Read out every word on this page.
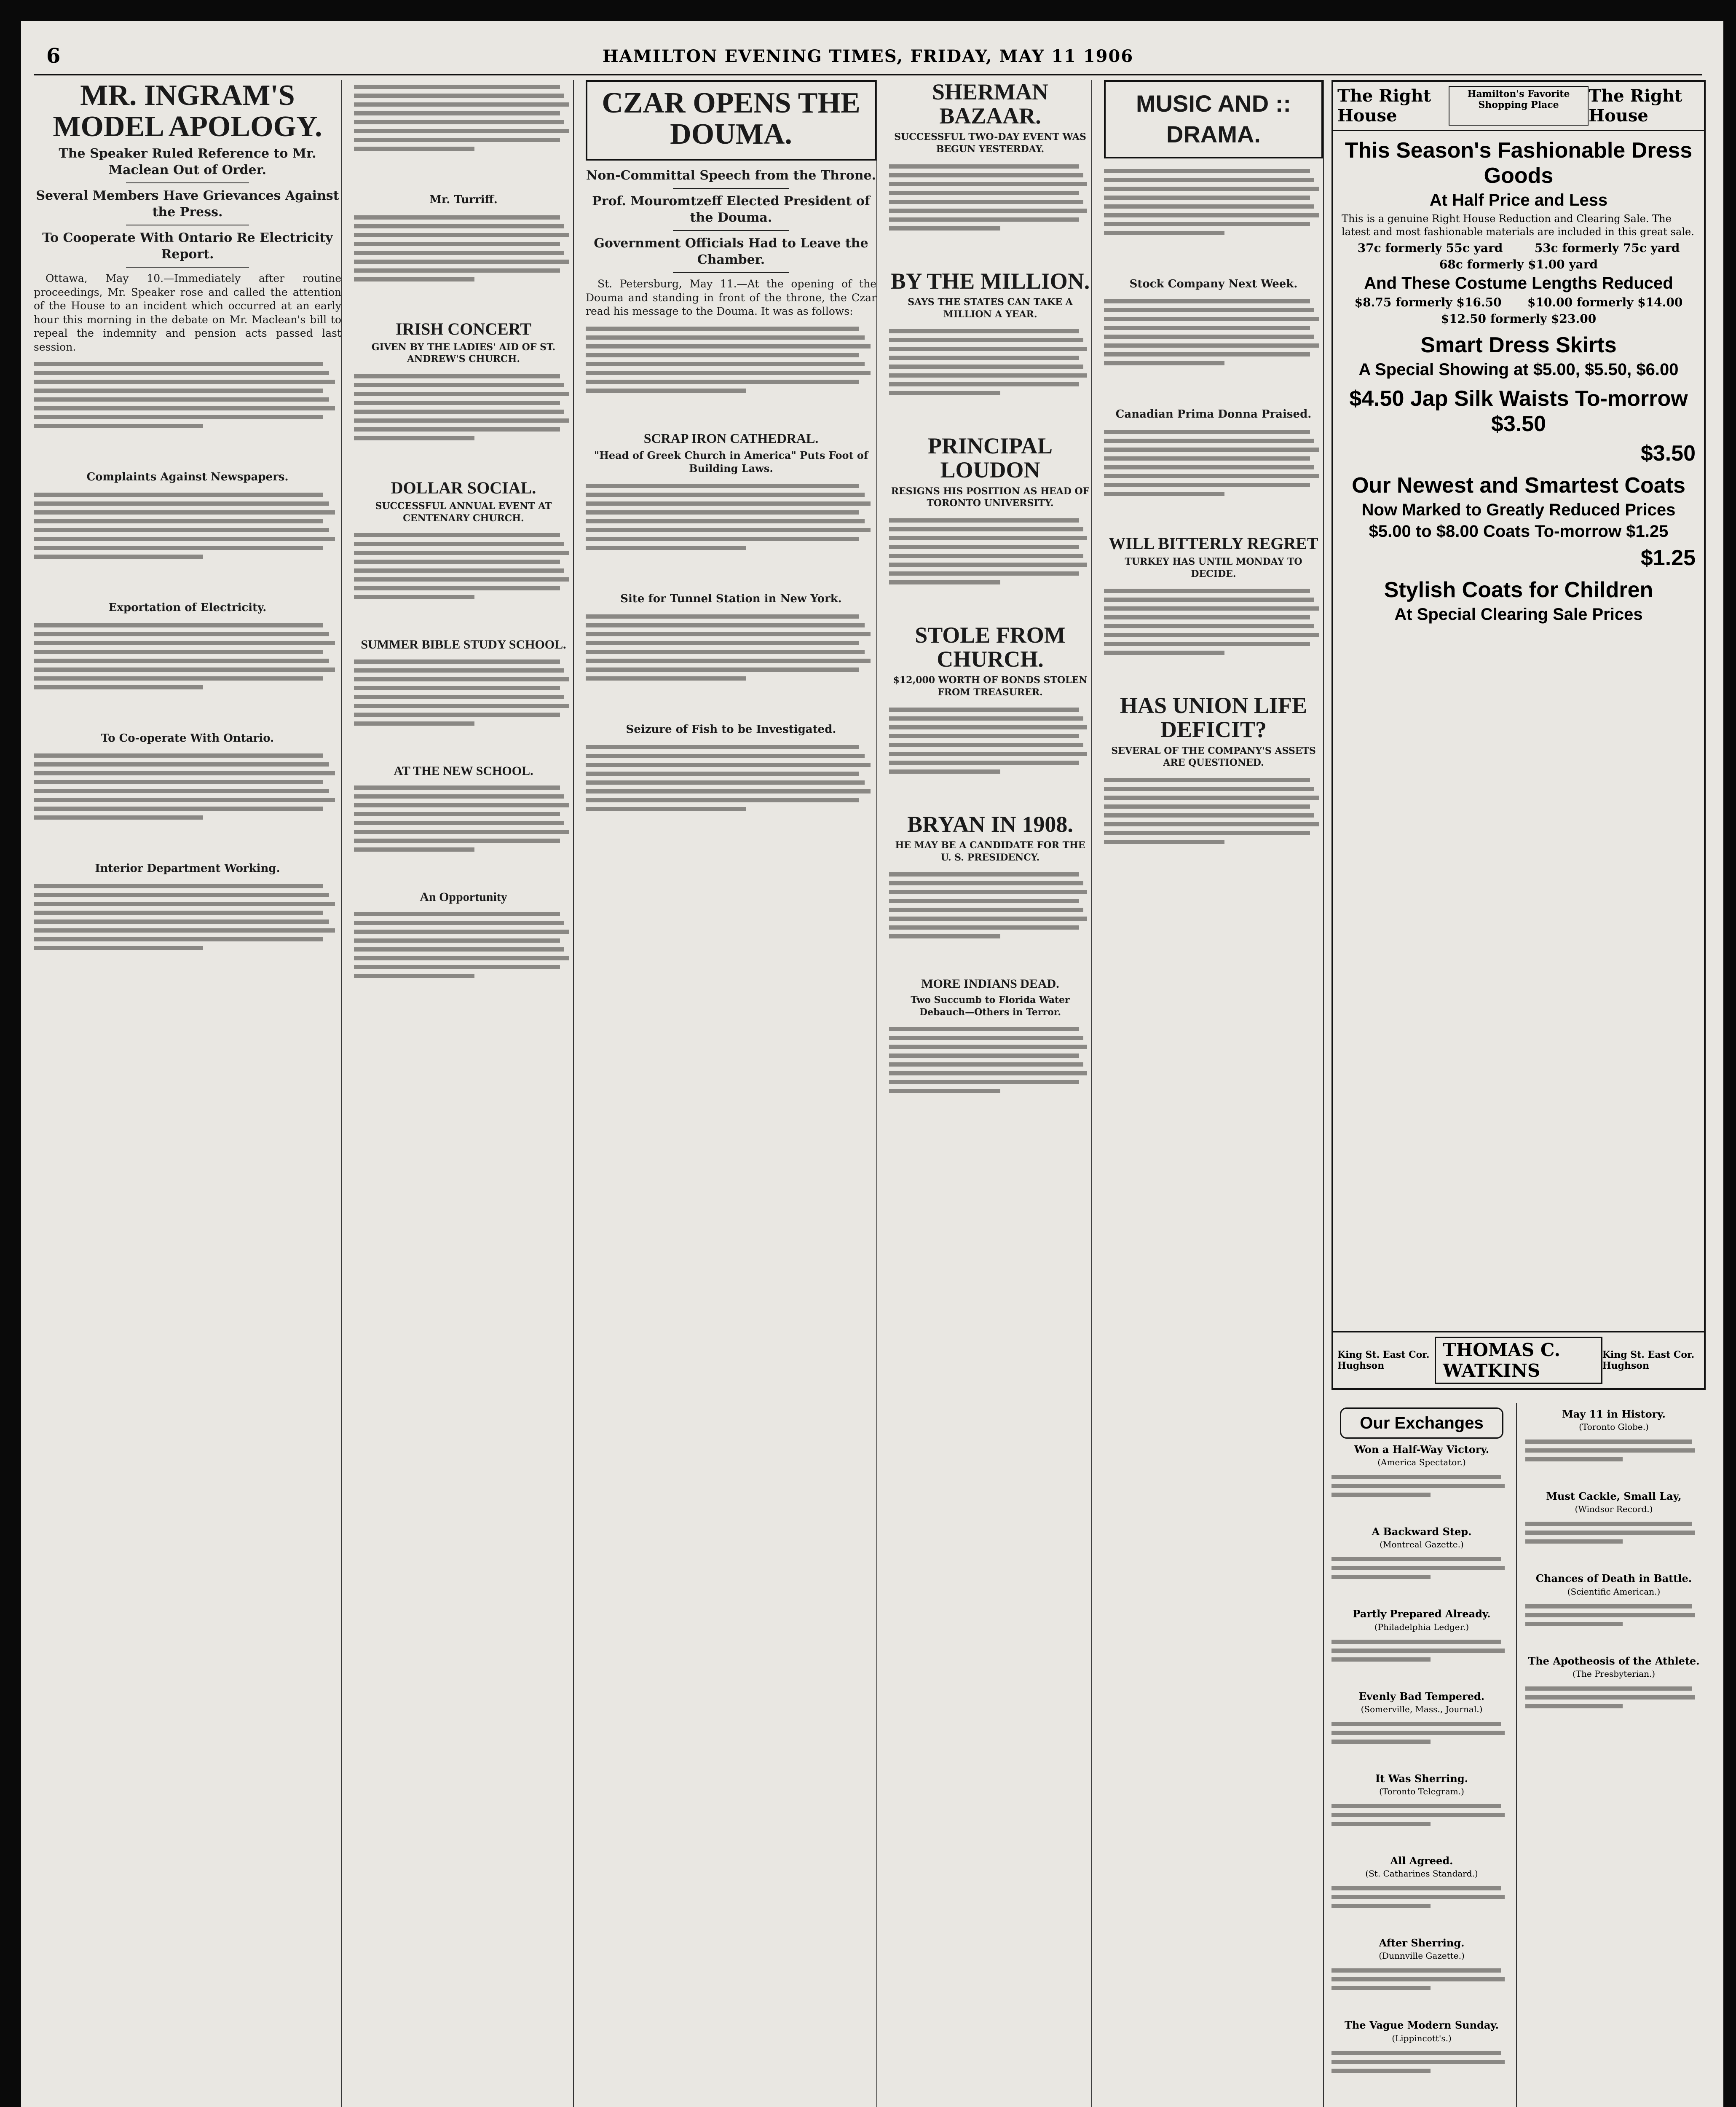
6	HAMILTON EVENING TIMES, FRIDAY, MAY 11 1906
MR. INGRAM'S MODEL APOLOGY.
The Speaker Ruled Reference to Mr. Maclean Out of Order.
Several Members Have Grievances Against the Press.
To Cooperate With Ontario Re Electricity Report.

Ottawa, May 10.—Immediately after routine proceedings, Mr. Speaker rose and called the attention of the House to an incident which occurred at an early hour this morning in the debate on Mr. Maclean's bill to repeal the indemnity and pension acts passed last session.

Complaints Against Newspapers.
Exportation of Electricity.
To Co-operate With Ontario.
Interior Department Working.
Mr. Turriff.
IRISH CONCERT
GIVEN BY THE LADIES' AID OF ST. ANDREW'S CHURCH.
DOLLAR SOCIAL.
SUCCESSFUL ANNUAL EVENT AT CENTENARY CHURCH.
SUMMER BIBLE STUDY SCHOOL.
AT THE NEW SCHOOL.
An Opportunity
CZAR OPENS THE DOUMA.
Non-Committal Speech from the Throne.
Prof. Mouromtzeff Elected President of the Douma.
Government Officials Had to Leave the Chamber.

St. Petersburg, May 11.—At the opening of the Douma and standing in front of the throne, the Czar read his message to the Douma. It was as follows:

SCRAP IRON CATHEDRAL.
"Head of Greek Church in America" Puts Foot of Building Laws.
Site for Tunnel Station in New York.
Seizure of Fish to be Investigated.
SHERMAN BAZAAR.
SUCCESSFUL TWO-DAY EVENT WAS BEGUN YESTERDAY.
BY THE MILLION.
SAYS THE STATES CAN TAKE A MILLION A YEAR.
PRINCIPAL LOUDON
RESIGNS HIS POSITION AS HEAD OF TORONTO UNIVERSITY.
STOLE FROM CHURCH.
$12,000 WORTH OF BONDS STOLEN FROM TREASURER.
BRYAN IN 1908.
HE MAY BE A CANDIDATE FOR THE U. S. PRESIDENCY.
MORE INDIANS DEAD.
Two Succumb to Florida Water Debauch—Others in Terror.
MUSIC AND :: DRAMA.
Stock Company Next Week.
Canadian Prima Donna Praised.
WILL BITTERLY REGRET
TURKEY HAS UNTIL MONDAY TO DECIDE.
HAS UNION LIFE DEFICIT?
SEVERAL OF THE COMPANY'S ASSETS ARE QUESTIONED.
The Right House
Hamilton's Favorite Shopping Place	The Right House
This Season's Fashionable Dress Goods
At Half Price and Less
This is a genuine Right House Reduction and Clearing Sale. The latest and most fashionable materials are included in this great sale.
37c formerly 55c yard	53c formerly 75c yard
68c formerly $1.00 yard
And These Costume Lengths Reduced
$8.75 formerly $16.50 $10.00 formerly $14.00
$12.50 formerly $23.00
Smart Dress Skirts
A Special Showing at $5.00, $5.50, $6.00
$4.50 Jap Silk Waists To-morrow $3.50
$3.50
Our Newest and Smartest Coats
Now Marked to Greatly Reduced Prices
$5.00 to $8.00 Coats To-morrow $1.25
$1.25
Stylish Coats for Children
At Special Clearing Sale Prices
King St. East Cor. Hughson
THOMAS C. WATKINS
King St. East Cor. Hughson
Our Exchanges
Won a Half-Way Victory.
(America Spectator.)
A Backward Step.
(Montreal Gazette.)
Partly Prepared Already.
(Philadelphia Ledger.)
Evenly Bad Tempered.
(Somerville, Mass., Journal.)
It Was Sherring.
(Toronto Telegram.)
All Agreed.
(St. Catharines Standard.)
After Sherring.
(Dunnville Gazette.)
The Vague Modern Sunday.
(Lippincott's.)
May 11 in History.
(Toronto Globe.)
Must Cackle, Small Lay,
(Windsor Record.)
Chances of Death in Battle.
(Scientific American.)
The Apotheosis of the Athlete.
(The Presbyterian.)
